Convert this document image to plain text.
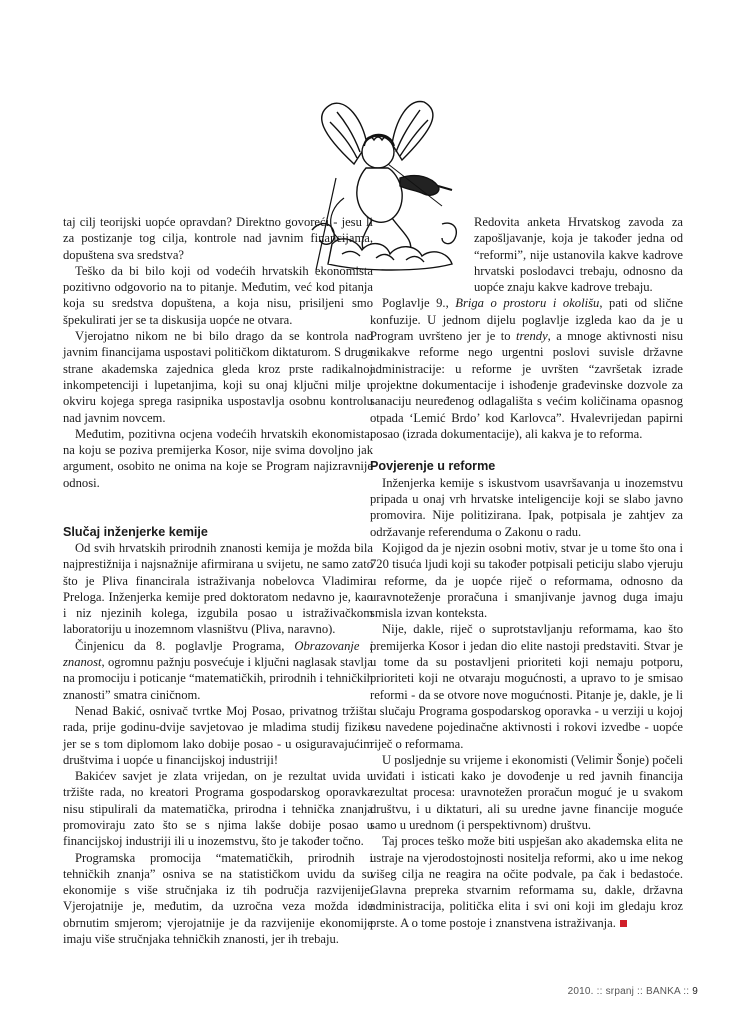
taj cilj teorijski uopće opravdan? Direktno govoreći - jesu li za postizanje tog cilja, kontrole nad javnim financijama, dopuštena sva sredstva?

Teško da bi bilo koji od vodećih hrvatskih ekonomista pozitivno odgovorio na to pitanje. Međutim, već kod pitanja koja su sredstva dopuštena, a koja nisu, prisiljeni smo špekulirati jer se ta diskusija uopće ne otvara.

Vjerojatno nikom ne bi bilo drago da se kontrola nad javnim financijama uspostavi političkom diktaturom. S druge strane akademska zajednica gleda kroz prste radikalnoj inkompetenciji i lupetanjima, koji su onaj ključni milje u okviru kojega sprega rasipnika uspostavlja osobnu kontrolu nad javnim novcem.

Međutim, pozitivna ocjena vodećih hrvatskih ekonomista, na koju se poziva premijerka Kosor, nije svima dovoljno jak argument, osobito ne onima na koje se Program najizravnije odnosi.

Slučaj inženjerke kemije

Od svih hrvatskih prirodnih znanosti kemija je možda bila najprestižnija i najsnažnije afirmirana u svijetu, ne samo zato što je Pliva financirala istraživanja nobelovca Vladimira Preloga. Inženjerka kemije pred doktoratom nedavno je, kao i niz njezinih kolega, izgubila posao u istraživačkom laboratoriju u inozemnom vlasništvu (Pliva, naravno).

Činjenicu da 8. poglavlje Programa, Obrazovanje i znanost, ogromnu pažnju posvećuje i ključni naglasak stavlja na promociju i poticanje “matematičkih, prirodnih i tehničkih znanosti” smatra ciničnom.

Nenad Bakić, osnivač tvrtke Moj Posao, privatnog tržišta rada, prije godinu-dvije savjetovao je mladima studij fizike jer se s tom diplomom lako dobije posao - u osiguravajućim društvima i uopće u financijskoj industriji!

Bakićev savjet je zlata vrijedan, on je rezultat uvida u tržište rada, no kreatori Programa gospodarskog oporavka nisu stipulirali da matematička, prirodna i tehnička znanja promoviraju zato što se s njima lakše dobije posao u financijskoj industriji ili u inozemstvu, što je također točno.

Programska promocija “matematičkih, prirodnih i tehničkih znanja” osniva se na statističkom uvidu da su ekonomije s više stručnjaka iz tih područja razvijenije. Vjerojatnije je, međutim, da uzročna veza možda ide obrnutim smjerom; vjerojatnije je da razvijenije ekonomije imaju više stručnjaka tehničkih znanosti, jer ih trebaju.

Redovita anketa Hrvatskog zavoda za zapošljavanje, koja je također jedna od “reformi”, nije ustanovila kakve kadrove hrvatski poslodavci trebaju, odnosno da uopće znaju kakve kadrove trebaju.

Poglavlje 9., Briga o prostoru i okolišu, pati od slične konfuzije. U jednom dijelu poglavlje izgleda kao da je u Program uvršteno jer je to trendy, a mnoge aktivnosti nisu nikakve reforme nego urgentni poslovi suvisle državne administracije: u reforme je uvršten “završetak izrade projektne dokumentacije i ishođenje građevinske dozvole za sanaciju neuređenog odlagališta s većim količinama opasnog otpada ‘Lemić Brdo’ kod Karlovca”. Hvalevrijedan papirni posao (izrada dokumentacije), ali kakva je to reforma.

Povjerenje u reforme

Inženjerka kemije s iskustvom usavršavanja u inozemstvu pripada u onaj vrh hrvatske inteligencije koji se slabo javno promovira. Nije politizirana. Ipak, potpisala je zahtjev za održavanje referenduma o Zakonu o radu.

Kojigod da je njezin osobni motiv, stvar je u tome što ona i 720 tisuća ljudi koji su također potpisali peticiju slabo vjeruju u reforme, da je uopće riječ o reformama, odnosno da uravnoteženje proračuna i smanjivanje javnog duga imaju smisla izvan konteksta.

Nije, dakle, riječ o suprotstavljanju reformama, kao što premijerka Kosor i jedan dio elite nastoji predstaviti. Stvar je u tome da su postavljeni prioriteti koji nemaju potporu, prioriteti koji ne otvaraju mogućnosti, a upravo to je smisao reformi - da se otvore nove mogućnosti. Pitanje je, dakle, je li u slučaju Programa gospodarskog oporavka - u verziji u kojoj su navedene pojedinačne aktivnosti i rokovi izvedbe - uopće riječ o reformama.

U posljednje su vrijeme i ekonomisti (Velimir Šonje) počeli uviđati i isticati kako je dovođenje u red javnih financija rezultat procesa: uravnotežen proračun moguć je u svakom društvu, i u diktaturi, ali su uredne javne financije moguće samo u urednom (i perspektivnom) društvu.

Taj proces teško može biti uspješan ako akademska elita ne ustraje na vjerodostojnosti nositelja reformi, ako u ime nekog višeg cilja ne reagira na očite podvale, pa čak i bedastoće. Glavna prepreka stvarnim reformama su, dakle, državna administracija, politička elita i svi oni koji im gledaju kroz prste. A o tome postoje i znanstvena istraživanja.

2010. :: srpanj :: BANKA :: 9
